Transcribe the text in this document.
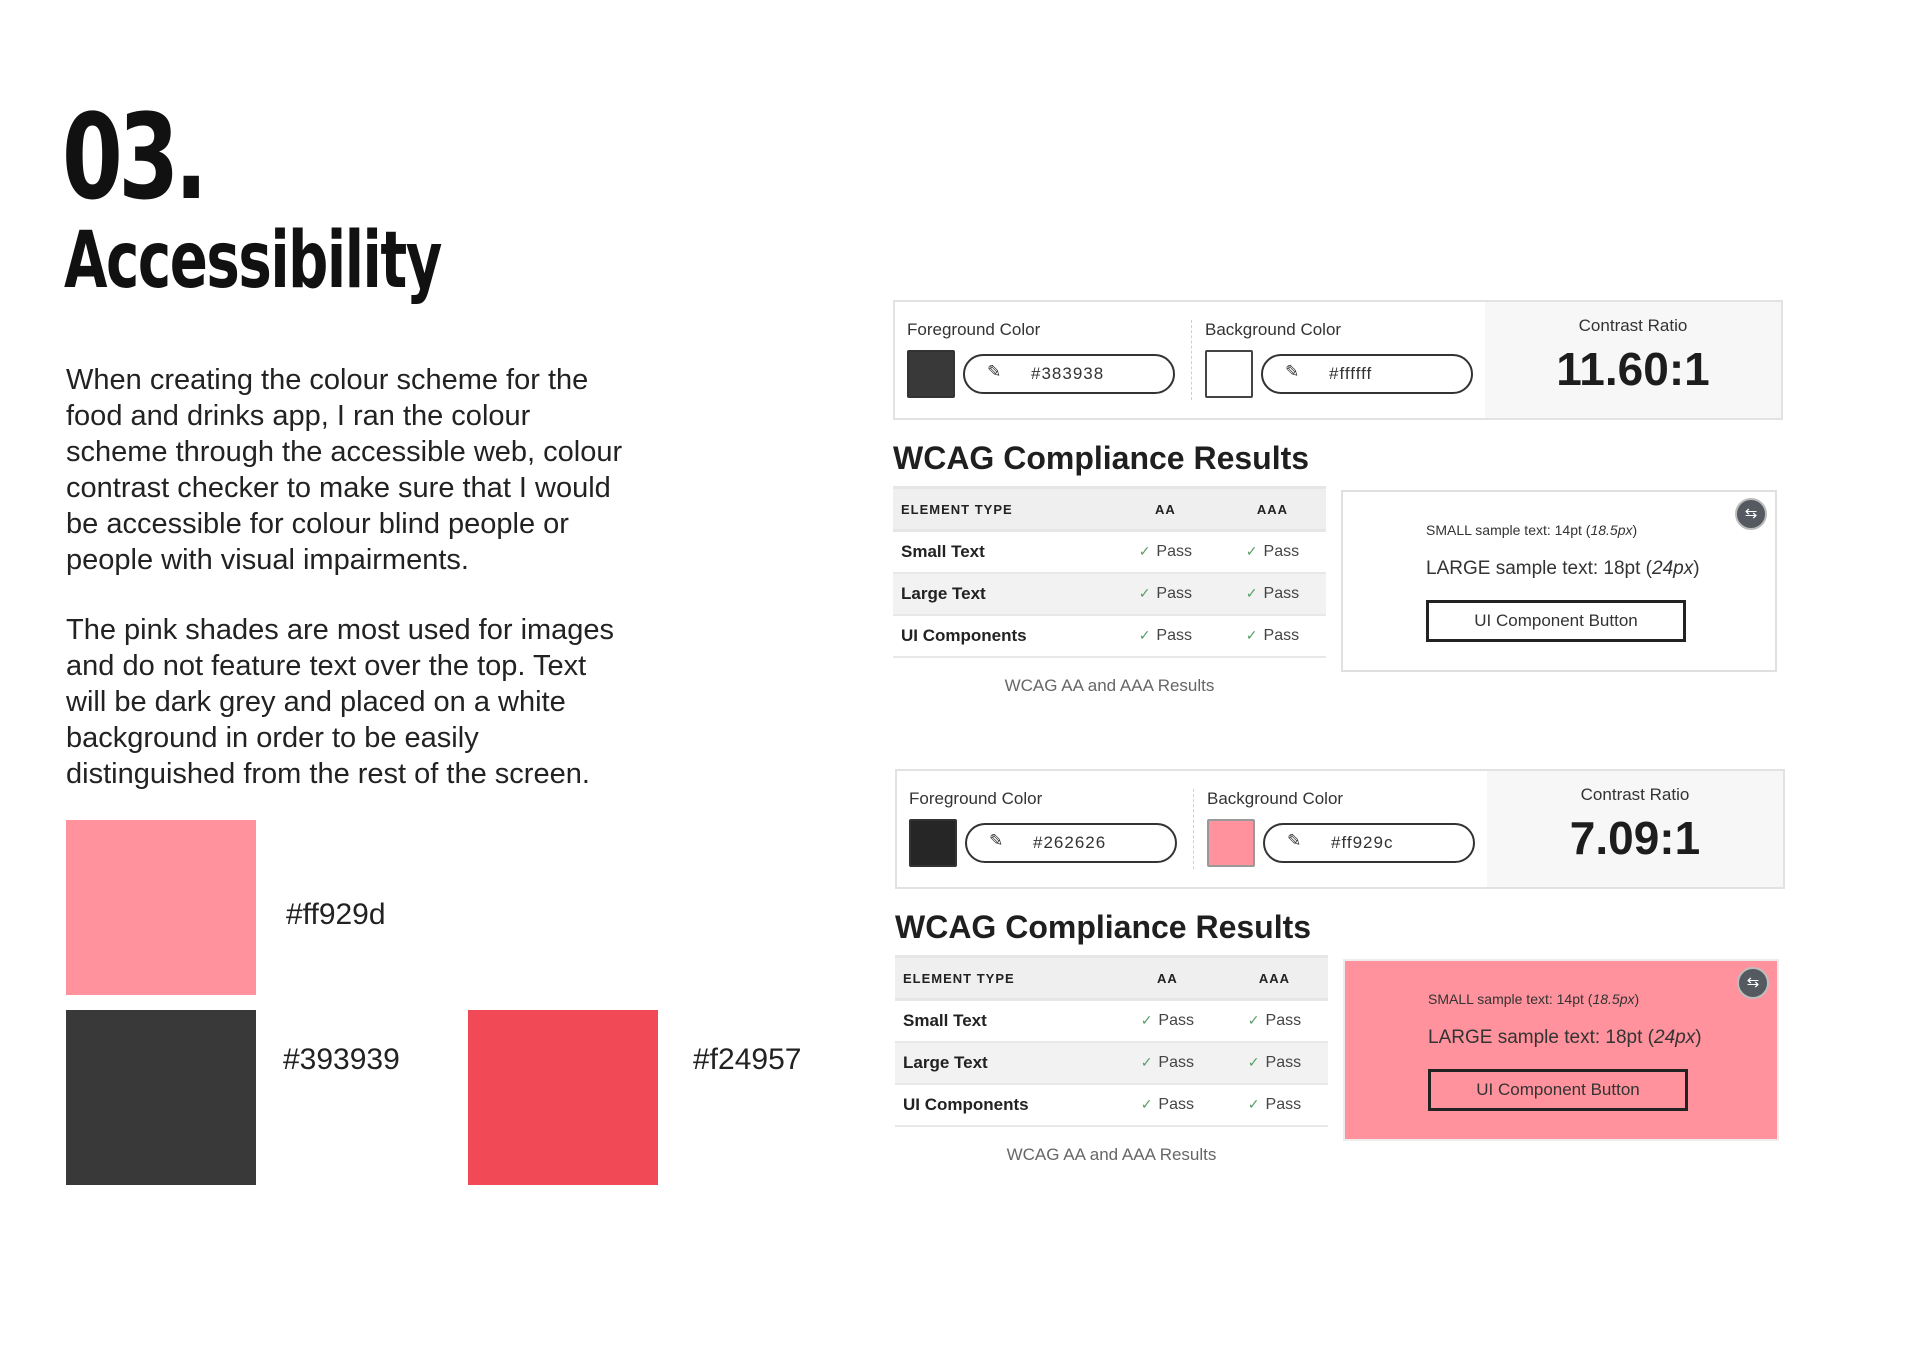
03.
Accessibility

When creating the colour scheme for the food and drinks app, I ran the colour scheme through the accessible web, colour contrast checker to make sure that I would be accessible for colour blind people or people with visual impairments.

The pink shades are most used for images and do not feature text over the top. Text will be dark grey and placed on a white background in order to be easily distinguished from the rest of the screen.

#ff929d
#393939	#f24957
Foreground Color
✎ #383938
Background Color
✎ #ffffff
Contrast Ratio
11.60:1
WCAG Compliance Results
ELEMENT TYPE	AA	AAA
Small Text	✓ Pass	✓ Pass
Large Text	✓ Pass	✓ Pass
UI Components	✓ Pass	✓ Pass
WCAG AA and AAA Results
⇆
SMALL sample text: 14pt (18.5px)
LARGE sample text: 18pt (24px)
UI Component Button
Foreground Color
✎ #262626
Background Color
✎ #ff929c
Contrast Ratio
7.09:1
WCAG Compliance Results
ELEMENT TYPE	AA	AAA
Small Text	✓ Pass	✓ Pass
Large Text	✓ Pass	✓ Pass
UI Components	✓ Pass	✓ Pass
WCAG AA and AAA Results
⇆
SMALL sample text: 14pt (18.5px)
LARGE sample text: 18pt (24px)
UI Component Button
